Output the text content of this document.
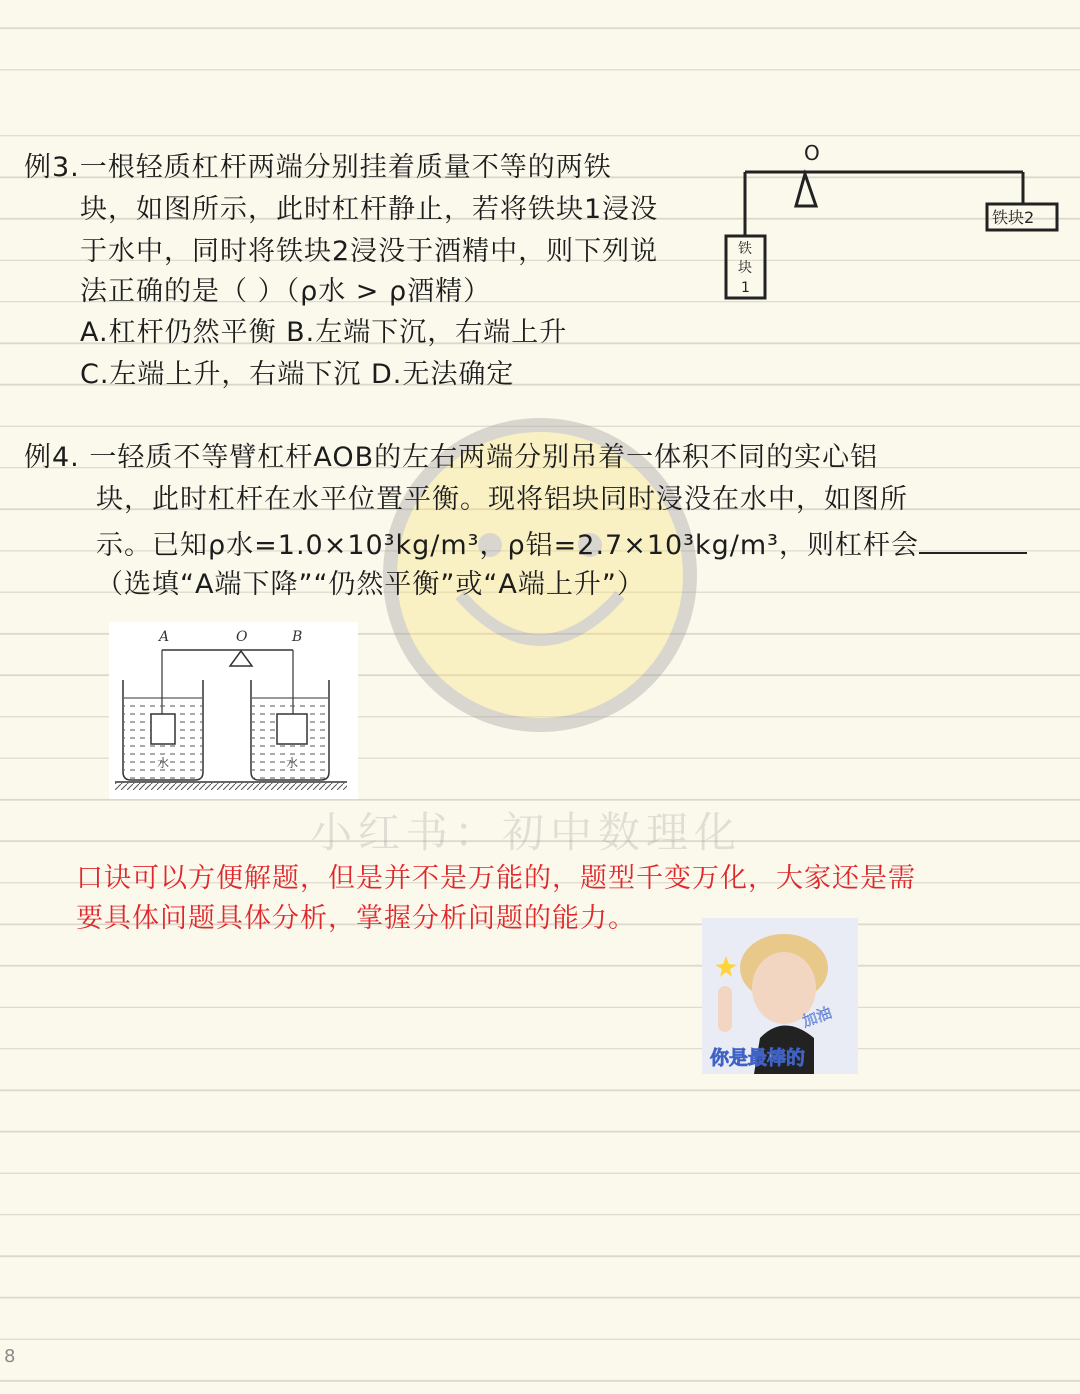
小红书：初中数理化
例3.一根轻质杠杆两端分别挂着质量不等的两铁
块，如图所示，此时杠杆静止，若将铁块1浸没
于水中，同时将铁块2浸没于酒精中，则下列说
法正确的是（ ）（ρ水 > ρ酒精）
A.杠杆仍然平衡 B.左端下沉，右端上升
C.左端上升，右端下沉 D.无法确定
O
铁
块
1
铁块2
例4. 一轻质不等臂杠杆AOB的左右两端分别吊着一体积不同的实心铝
块，此时杠杆在水平位置平衡。现将铝块同时浸没在水中，如图所
示。已知ρ水=1.0×10³kg/m³，ρ铝=2.7×10³kg/m³，则杠杆会
（选填“A端下降”“仍然平衡”或“A端上升”）
A	O	B
水	水
口诀可以方便解题，但是并不是万能的，题型千变万化，大家还是需
要具体问题具体分析，掌握分析问题的能力。
加油
你是最棒的
8
